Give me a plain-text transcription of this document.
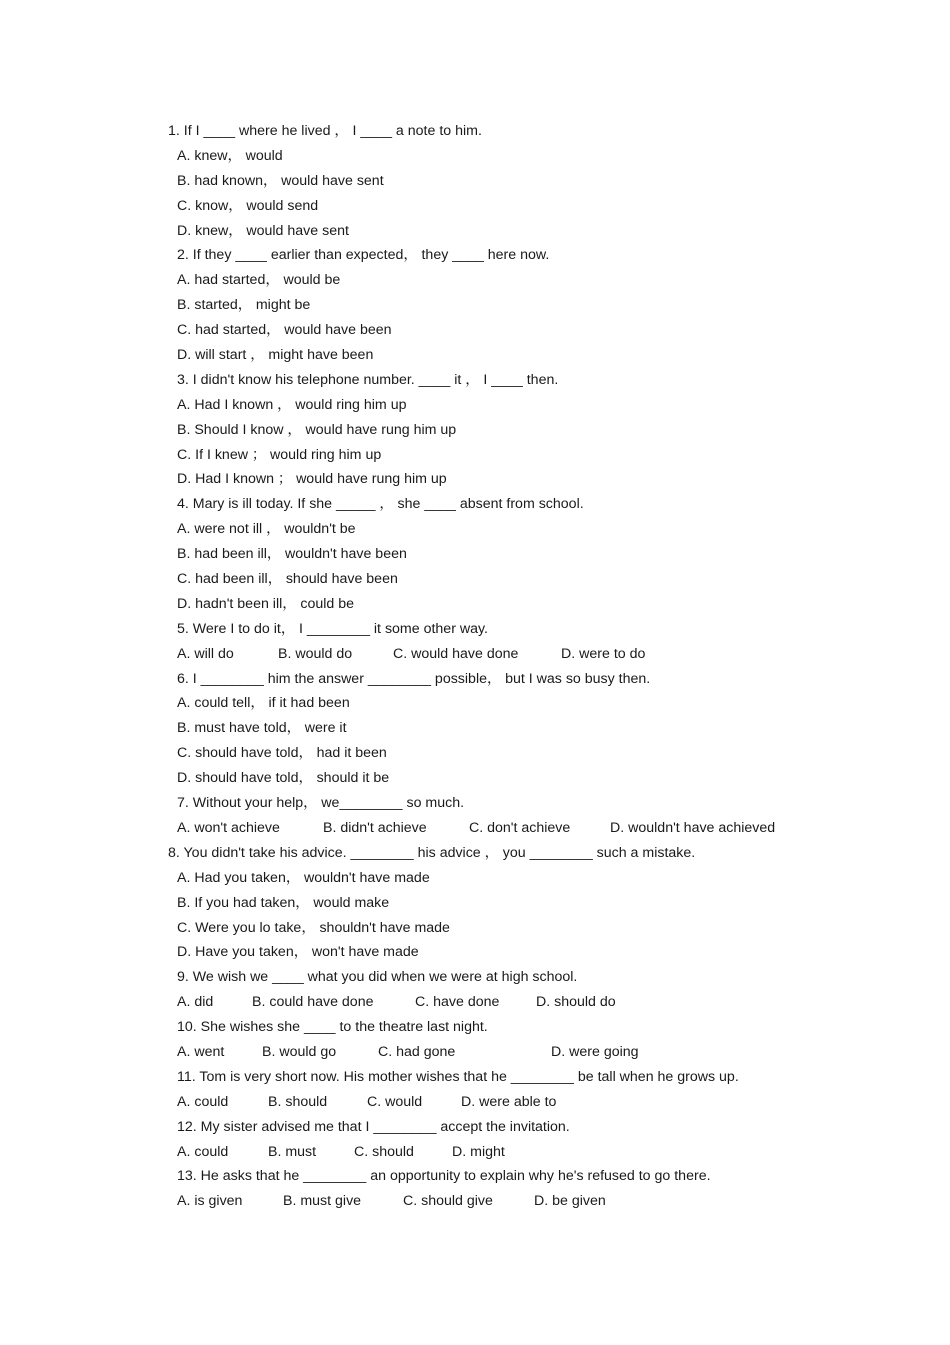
1. If I ____ where he lived ， I ____ a note to him.
A. knew， would
B. had known， would have sent
C. know， would send
D. knew， would have sent
2. If they ____ earlier than expected， they ____ here now.
A. had started， would be
B. started， might be
C. had started， would have been
D. will start ， might have been
3. I didn't know his telephone number. ____ it ， I ____ then.
A. Had I known ， would ring him up
B. Should I know ， would have rung him up
C. If I knew ； would ring him up
D. Had I known ； would have rung him up
4. Mary is ill today. If she _____ ， she ____ absent from school.
A. were not ill ， wouldn't be
B. had been ill， wouldn't have been
C. had been ill， should have been
D. hadn't been ill， could be
5. Were I to do it， I ________ it some other way.
A. will do	B. would do	C. would have done	D. were to do
6. I ________ him the answer ________ possible， but I was so busy then.
A. could tell， if it had been
B. must have told， were it
C. should have told， had it been
D. should have told， should it be
7. Without your help， we________ so much.
A. won't achieve	B. didn't achieve	C. don't achieve	D. wouldn't have achieved
8. You didn't take his advice. ________ his advice ， you ________ such a mistake.
A. Had you taken， wouldn't have made
B. If you had taken， would make
C. Were you lo take， shouldn't have made
D. Have you taken， won't have made
9. We wish we ____ what you did when we were at high school.
A. did	B. could have done	C. have done	D. should do
10. She wishes she ____ to the theatre last night.
A. went	B. would go	C. had gone	D. were going
11. Tom is very short now. His mother wishes that he ________ be tall when he grows up.
A. could	B. should	C. would	D. were able to
12. My sister advised me that I ________ accept the invitation.
A. could	B. must	C. should	D. might
13. He asks that he ________ an opportunity to explain why he's refused to go there.
A. is given	B. must give	C. should give	D. be given
